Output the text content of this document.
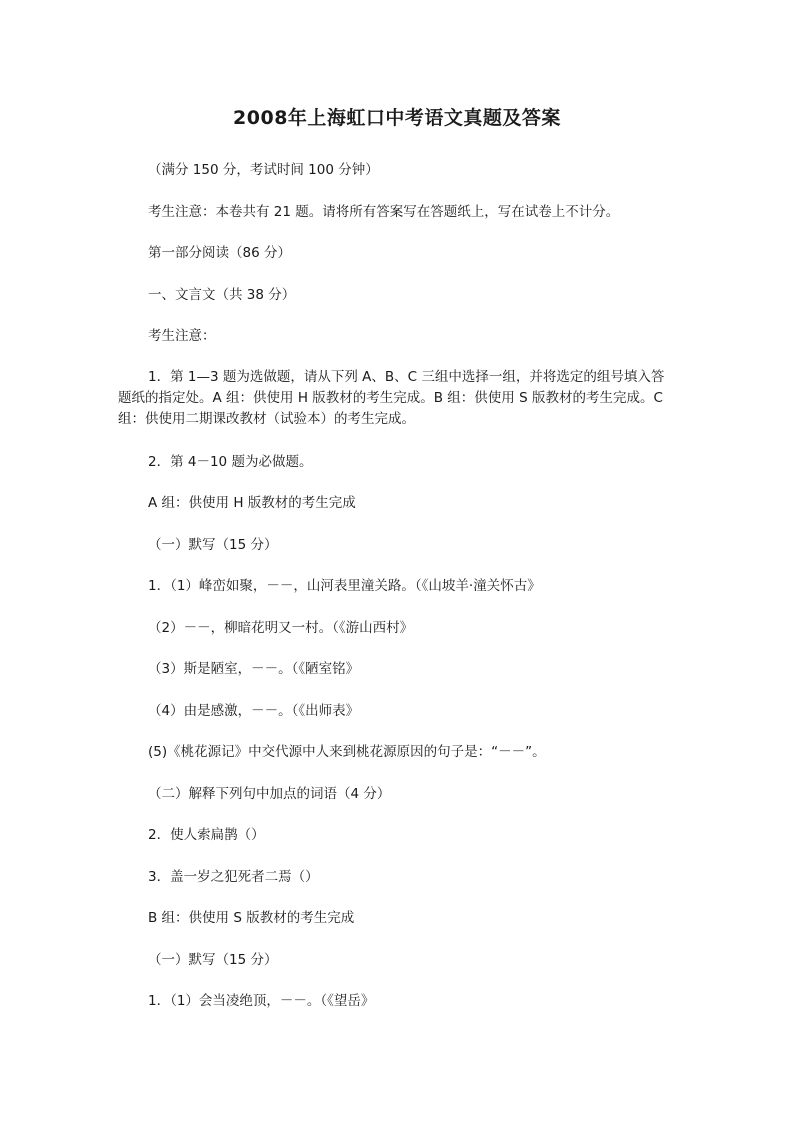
2008年上海虹口中考语文真题及答案
（满分 150 分，考试时间 100 分钟）
考生注意：本卷共有 21 题。请将所有答案写在答题纸上，写在试卷上不计分。
第一部分阅读（86 分）
一、文言文（共 38 分）
考生注意：
1．第 1—3 题为选做题，请从下列 A、B、C 三组中选择一组，并将选定的组号填入答题纸的指定处。A 组：供使用 H 版教材的考生完成。B 组：供使用 S 版教材的考生完成。C 组：供使用二期课改教材（试验本）的考生完成。
2．第 4－10 题为必做题。
A 组：供使用 H 版教材的考生完成
（一）默写（15 分）
1．（1）峰峦如聚，－－，山河表里潼关路。（《山坡羊·潼关怀古》
（2）－－，柳暗花明又一村。（《游山西村》
（3）斯是陋室，－－。（《陋室铭》
（4）由是感激，－－。（《出师表》
(5)《桃花源记》中交代源中人来到桃花源原因的句子是：“－－”。
（二）解释下列句中加点的词语（4 分）
2．使人索扁鹊（）
3．盖一岁之犯死者二焉（）
B 组：供使用 S 版教材的考生完成
（一）默写（15 分）
1．（1）会当凌绝顶，－－。（《望岳》
